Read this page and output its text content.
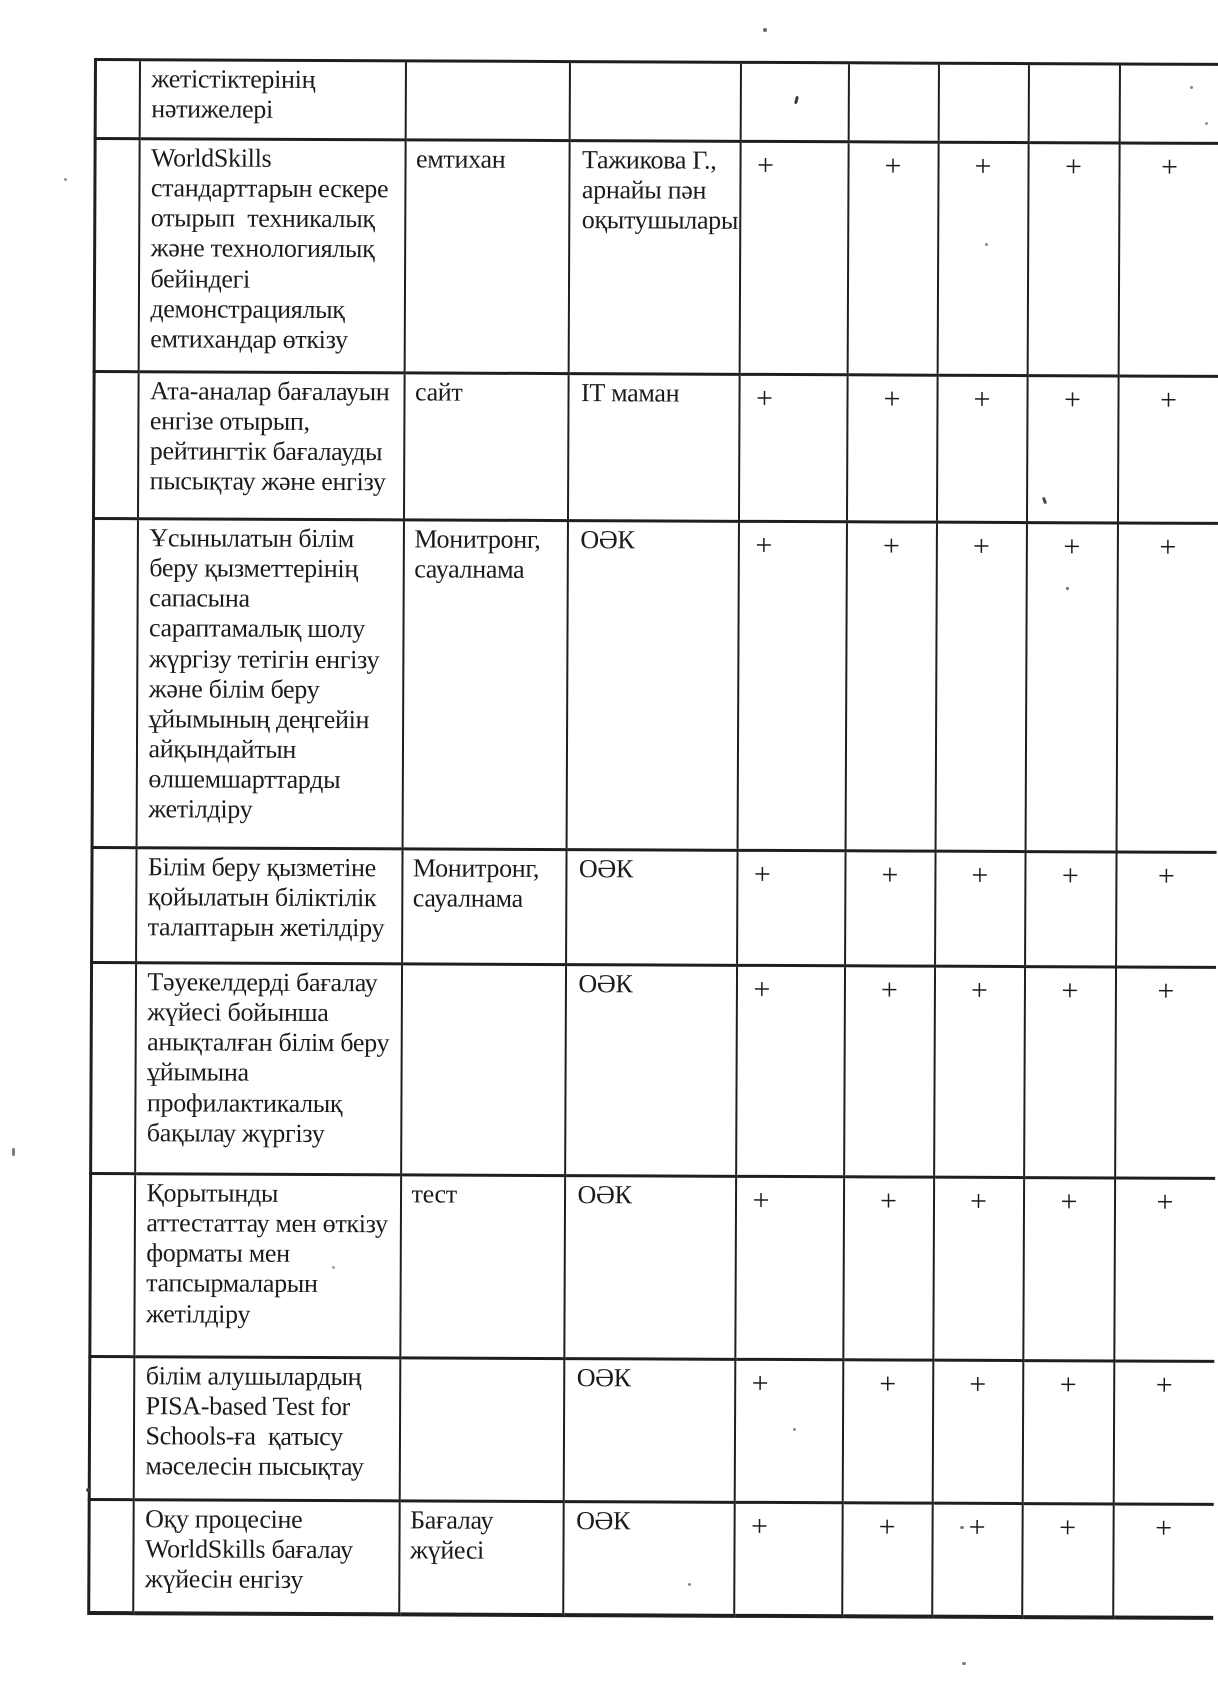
	жетістіктерінің
нәтижелері							
	WorldSkills
стандарттарын ескере
отырып  техникалық
және технологиялық
бейіндегі
демонстрациялық
емтихандар өткізу	емтихан	Тажикова Г.,
арнайы пән
оқытушылары	+	+	+	+	+
	Ата-аналар бағалауын
енгізе отырып,
рейтингтік бағалауды
пысықтау және енгізу	сайт	ІТ маман	+	+	+	+	+
	Ұсынылатын білім
беру қызметтерінің
сапасына
сараптамалық шолу
жүргізу тетігін енгізу
және білім беру
ұйымының деңгейін
айқындайтын
өлшемшарттарды
жетілдіру	Монитронг,
сауалнама	ОӘК	+	+	+	+	+
	Білім беру қызметіне
қойылатын біліктілік
талаптарын жетілдіру	Монитронг,
сауалнама	ОӘК	+	+	+	+	+
	Тәуекелдерді бағалау
жүйесі бойынша
анықталған білім беру
ұйымына
профилактикалық
бақылау жүргізу		ОӘК	+	+	+	+	+
	Қорытынды
аттестаттау мен өткізу
форматы мен
тапсырмаларын
жетілдіру	тест	ОӘК	+	+	+	+	+
	білім алушылардың
PISA-based Test for
Schools-ға  қатысу
мәселесін пысықтау		ОӘК	+	+	+	+	+
	Оқу процесіне
WorldSkills бағалау
жүйесін енгізу	Бағалау
жүйесі	ОӘК	+	+	+	+	+
